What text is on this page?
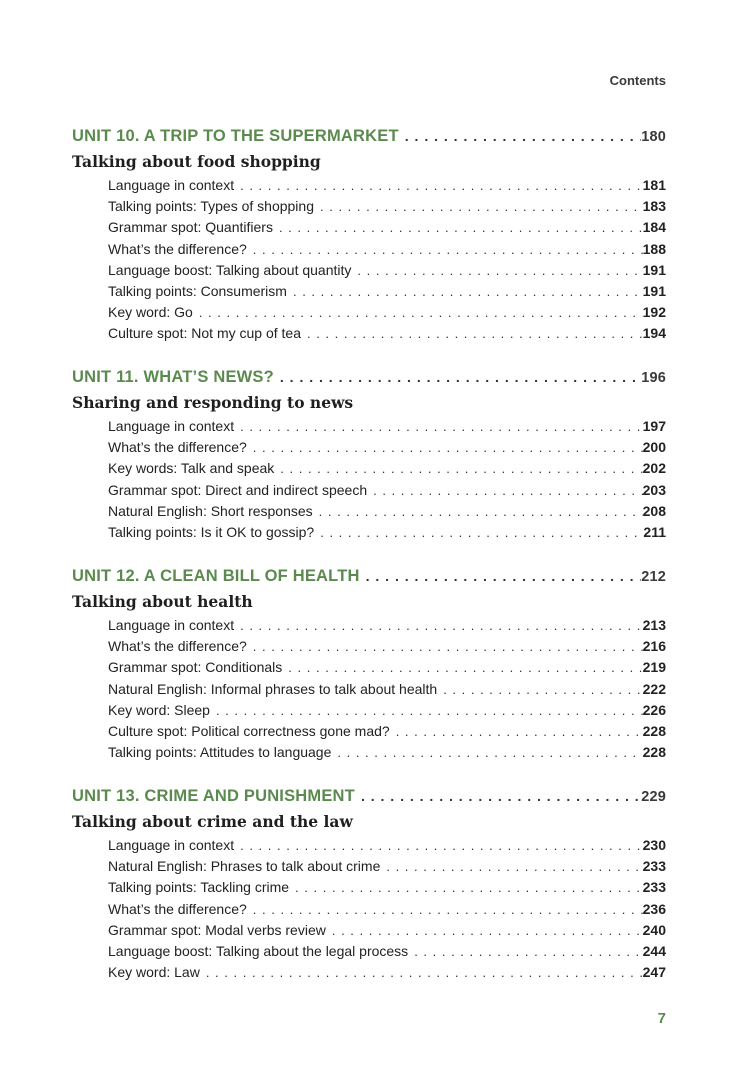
Contents
UNIT 10. A TRIP TO THE SUPERMARKET . . .	180
Talking about food shopping
Language in context . . .	181
Talking points: Types of shopping . . .	183
Grammar spot: Quantifiers . . .	184
What’s the difference? . . .	188
Language boost: Talking about quantity . . .	191
Talking points: Consumerism . . .	191
Key word: Go . . .	192
Culture spot: Not my cup of tea . . .	194
UNIT 11. WHAT’S NEWS? . . .	196
Sharing and responding to news
Language in context . . .	197
What’s the difference? . . .	200
Key words: Talk and speak . . .	202
Grammar spot: Direct and indirect speech . . .	203
Natural English: Short responses . . .	208
Talking points: Is it OK to gossip? . . .	211
UNIT 12. A CLEAN BILL OF HEALTH . . .	212
Talking about health
Language in context . . .	213
What’s the difference? . . .	216
Grammar spot: Conditionals . . .	219
Natural English: Informal phrases to talk about health . . .	222
Key word: Sleep . . .	226
Culture spot: Political correctness gone mad? . . .	228
Talking points: Attitudes to language . . .	228
UNIT 13. CRIME AND PUNISHMENT . . .	229
Talking about crime and the law
Language in context . . .	230
Natural English: Phrases to talk about crime . . .	233
Talking points: Tackling crime . . .	233
What’s the difference? . . .	236
Grammar spot: Modal verbs review . . .	240
Language boost: Talking about the legal process . . .	244
Key word: Law . . .	247
7
